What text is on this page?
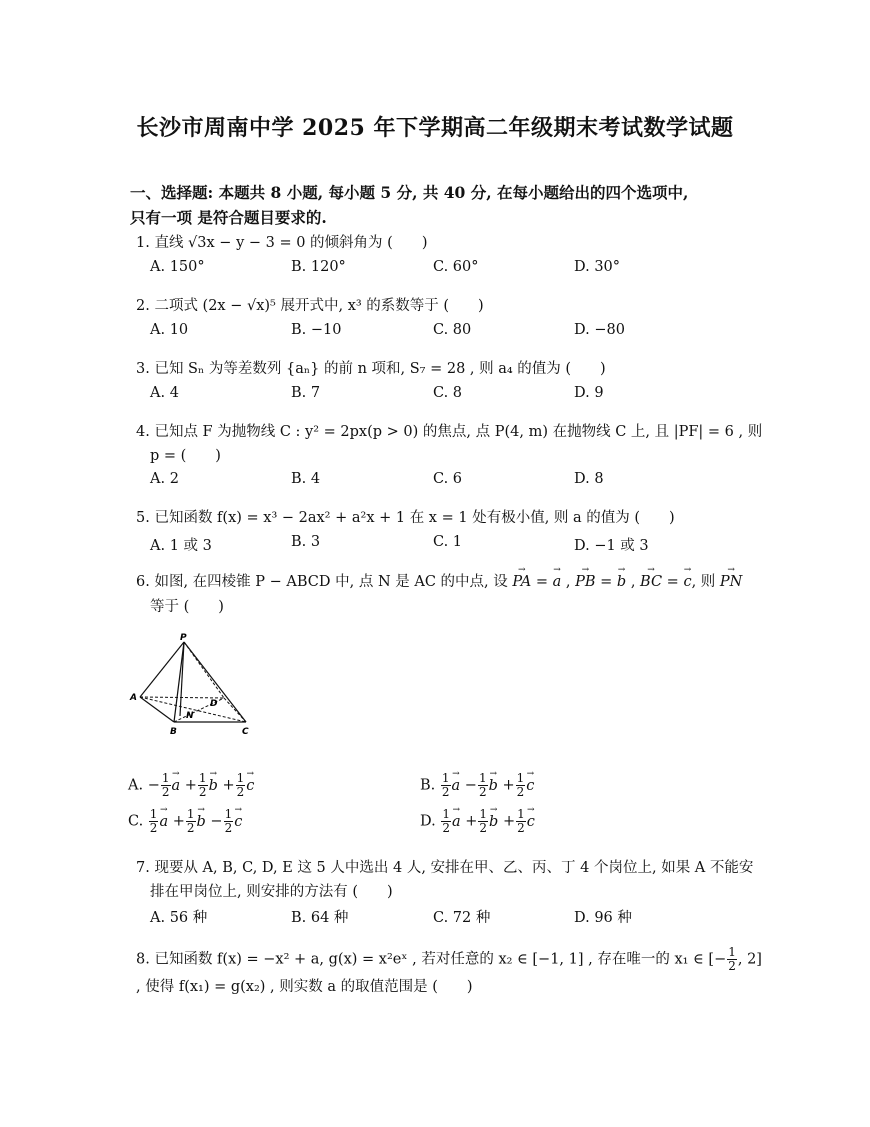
长沙市周南中学 2025 年下学期高二年级期末考试数学试题
一、选择题: 本题共 8 小题, 每小题 5 分, 共 40 分, 在每小题给出的四个选项中,
只有一项 是符合题目要求的.
1. 直线 √3x − y − 3 = 0 的倾斜角为 (　　)
A. 150°	B. 120°	C. 60°	D. 30°
2. 二项式 (2x − √x)⁵ 展开式中, x³ 的系数等于 (　　)
A. 10	B. −10	C. 80	D. −80
3. 已知 Sₙ 为等差数列 {aₙ} 的前 n 项和, S₇ = 28 , 则 a₄ 的值为 (　　)
A. 4	B. 7	C. 8	D. 9
4. 已知点 F 为抛物线 C : y² = 2px(p > 0) 的焦点, 点 P(4, m) 在抛物线 C 上, 且 |PF| = 6 , 则
p = (　　)
A. 2	B. 4	C. 6	D. 8
5. 已知函数 f(x) = x³ − 2ax² + a²x + 1 在 x = 1 处有极小值, 则 a 的值为 (　　)
A. 1 或 3	B. 3	C. 1	D. −1 或 3
6. 如图, 在四棱锥 P − ABCD 中, 点 N 是 AC 的中点, 设 → PA = → a , → PB = → b , → BC = → c, 则 → PN
等于 (　　)
P
A
B	C
D
N
A. − $\frac{1}{2}$
→ $a + \frac{1}{2}$
→ $b + \frac{1}{2}$
→ c	B. $\frac{1}{2}$
→ $a - \frac{1}{2}$
→ $b + \frac{1}{2}$
→ c
C. $\frac{1}{2}$
→ $a + \frac{1}{2}$
→ $b - \frac{1}{2}$
→ c	D. $\frac{1}{2}$
→ $a + \frac{1}{2}$
→ $b + \frac{1}{2}$
→ c
7. 现要从 A, B, C, D, E 这 5 人中选出 4 人, 安排在甲、乙、丙、丁 4 个岗位上, 如果 A 不能安
排在甲岗位上, 则安排的方法有 (　　)
A. 56 种	B. 64 种	C. 72 种	D. 96 种
8. 已知函数 f(x) = −x² + a, g(x) = x²eˣ , 若对任意的 x₂ ∈ [−1, 1] , 存在唯一的 x₁ ∈ [− $\frac{1}{2}$ , 2]
, 使得 f(x₁) = g(x₂) , 则实数 a 的取值范围是 (　　)
